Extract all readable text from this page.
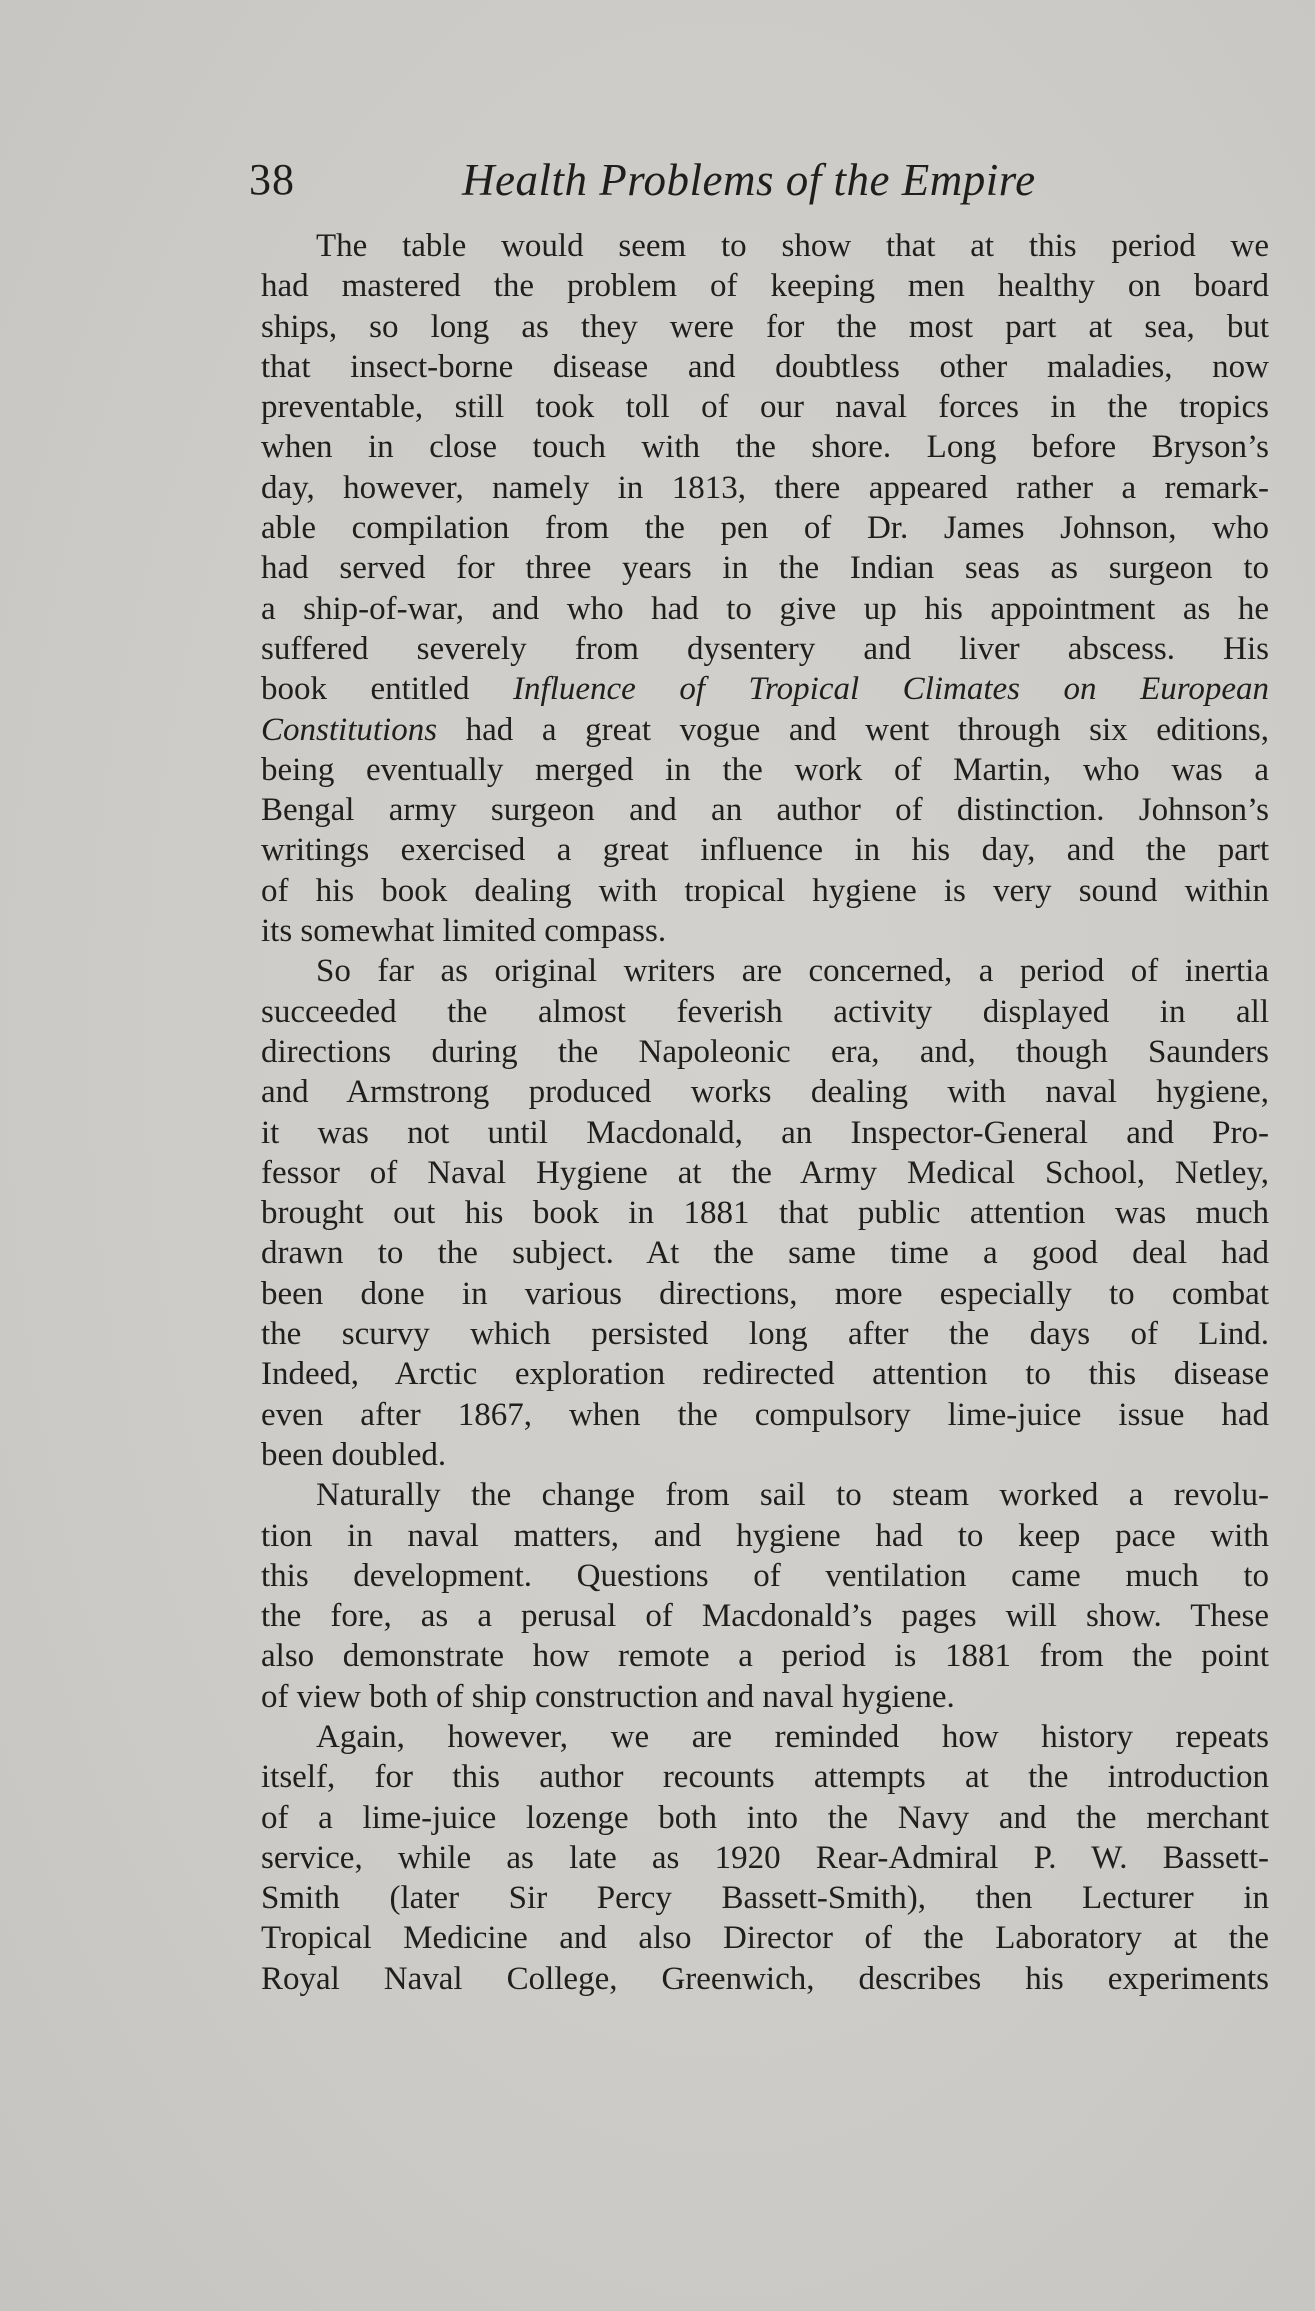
38	Health Problems of the Empire
The table would seem to show that at this period we
had mastered the problem of keeping men healthy on board
ships, so long as they were for the most part at sea, but
that insect-borne disease and doubtless other maladies, now
preventable, still took toll of our naval forces in the tropics
when in close touch with the shore. Long before Bryson’s
day, however, namely in 1813, there appeared rather a remark-
able compilation from the pen of Dr. James Johnson, who
had served for three years in the Indian seas as surgeon to
a ship-of-war, and who had to give up his appointment as he
suffered severely from dysentery and liver abscess. His
book entitled Influence of Tropical Climates on European
Constitutions had a great vogue and went through six editions,
being eventually merged in the work of Martin, who was a
Bengal army surgeon and an author of distinction. Johnson’s
writings exercised a great influence in his day, and the part
of his book dealing with tropical hygiene is very sound within
its somewhat limited compass.
So far as original writers are concerned, a period of inertia
succeeded the almost feverish activity displayed in all
directions during the Napoleonic era, and, though Saunders
and Armstrong produced works dealing with naval hygiene,
it was not until Macdonald, an Inspector-General and Pro-
fessor of Naval Hygiene at the Army Medical School, Netley,
brought out his book in 1881 that public attention was much
drawn to the subject. At the same time a good deal had
been done in various directions, more especially to combat
the scurvy which persisted long after the days of Lind.
Indeed, Arctic exploration redirected attention to this disease
even after 1867, when the compulsory lime-juice issue had
been doubled.
Naturally the change from sail to steam worked a revolu-
tion in naval matters, and hygiene had to keep pace with
this development. Questions of ventilation came much to
the fore, as a perusal of Macdonald’s pages will show. These
also demonstrate how remote a period is 1881 from the point
of view both of ship construction and naval hygiene.
Again, however, we are reminded how history repeats
itself, for this author recounts attempts at the introduction
of a lime-juice lozenge both into the Navy and the merchant
service, while as late as 1920 Rear-Admiral P. W. Bassett-
Smith (later Sir Percy Bassett-Smith), then Lecturer in
Tropical Medicine and also Director of the Laboratory at the
Royal Naval College, Greenwich, describes his experiments
